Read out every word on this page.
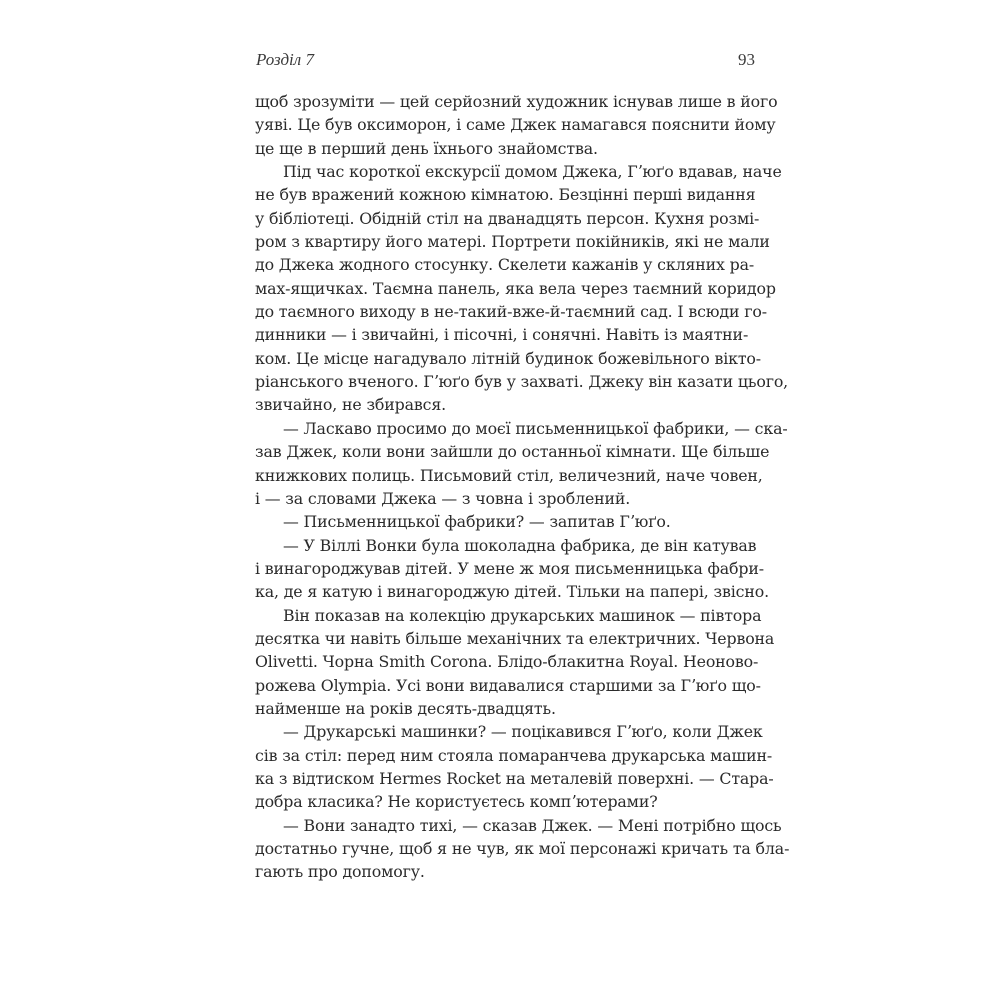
Розділ 7	93
щоб зрозуміти — цей серйозний художник існував лише в його
уяві. Це був оксиморон, і саме Джек намагався пояснити йому
це ще в перший день їхнього знайомства.
Під час короткої екскурсії домом Джека, Гʼюґо вдавав, наче
не був вражений кожною кімнатою. Безцінні перші видання
у бібліотеці. Обідній стіл на дванадцять персон. Кухня розмі-
ром з квартиру його матері. Портрети покійників, які не мали
до Джека жодного стосунку. Скелети кажанів у скляних ра-
мах-ящичках. Таємна панель, яка вела через таємний коридор
до таємного виходу в не-такий-вже-й-таємний сад. І всюди го-
динники — і звичайні, і пісочні, і сонячні. Навіть із маятни-
ком. Це місце нагадувало літній будинок божевільного вікто-
ріанського вченого. Гʼюґо був у захваті. Джеку він казати цього,
звичайно, не збирався.
— Ласкаво просимо до моєї письменницької фабрики, — ска-
зав Джек, коли вони зайшли до останньої кімнати. Ще більше
книжкових полиць. Письмовий стіл, величезний, наче човен,
і — за словами Джека — з човна і зроблений.
— Письменницької фабрики? — запитав Гʼюґо.
— У Віллі Вонки була шоколадна фабрика, де він катував
і винагороджував дітей. У мене ж моя письменницька фабри-
ка, де я катую і винагороджую дітей. Тільки на папері, звісно.
Він показав на колекцію друкарських машинок — півтора
десятка чи навіть більше механічних та електричних. Червона
Olivetti. Чорна Smith Corona. Блідо-блакитна Royal. Неоново-
рожева Olympia. Усі вони видавалися старшими за Гʼюґо що-
найменше на років десять-двадцять.
— Друкарські машинки? — поцікавився Гʼюґо, коли Джек
сів за стіл: перед ним стояла помаранчева друкарська машин-
ка з відтиском Hermes Rocket на металевій поверхні. — Стара-
добра класика? Не користуєтесь компʼютерами?
— Вони занадто тихі, — сказав Джек. — Мені потрібно щось
достатньо гучне, щоб я не чув, як мої персонажі кричать та бла-
гають про допомогу.
